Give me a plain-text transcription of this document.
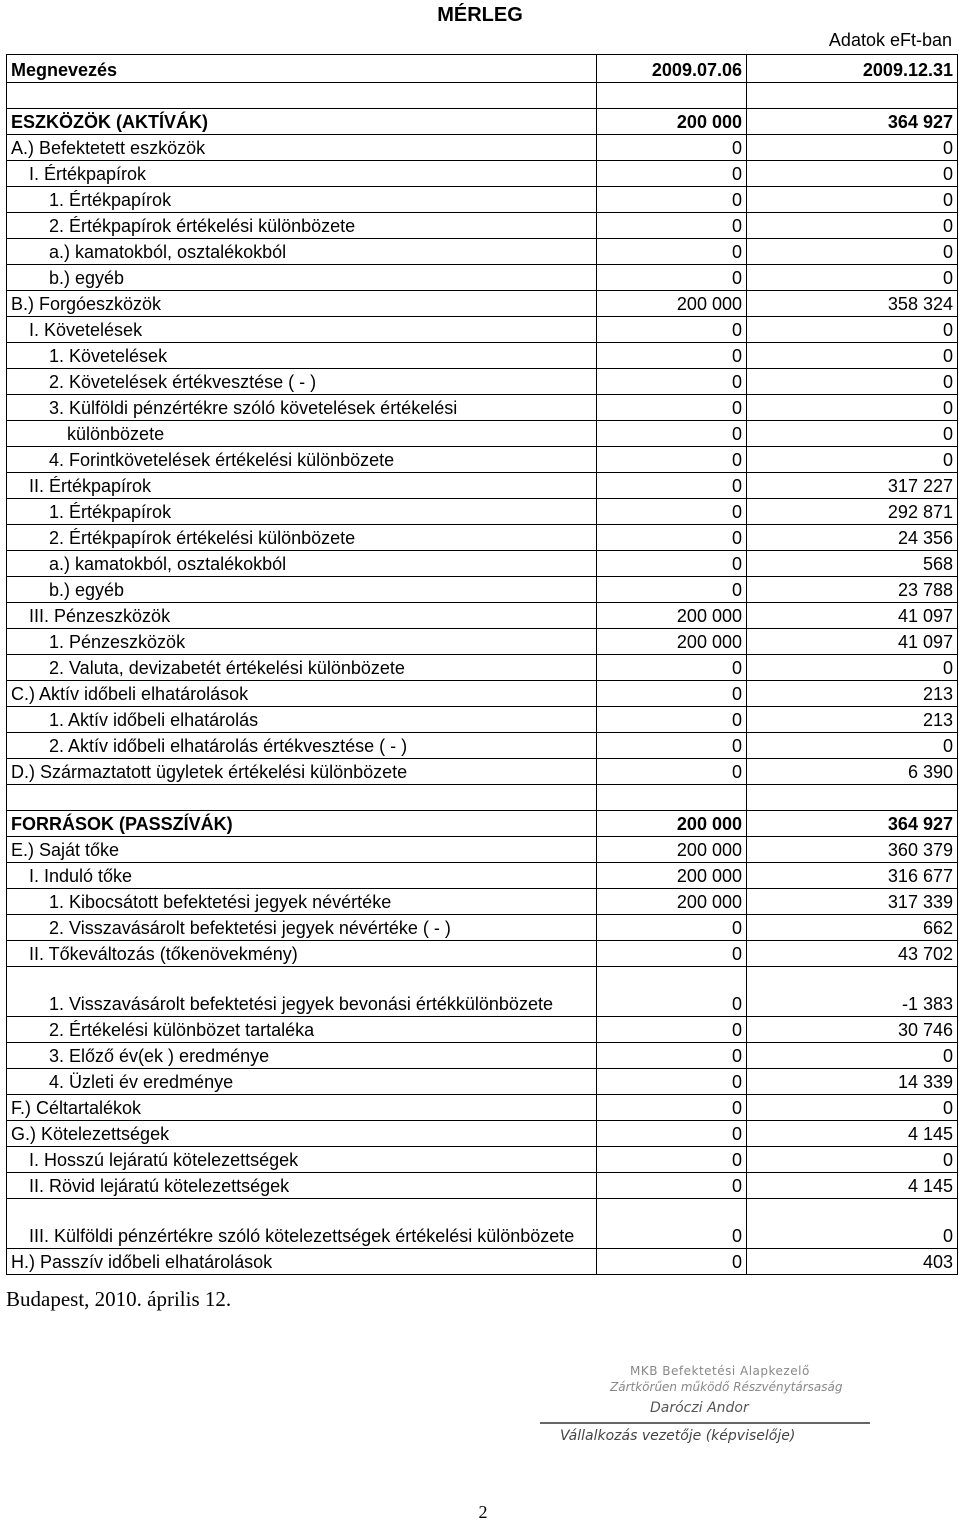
MÉRLEG
Adatok eFt-ban
Megnevezés	2009.07.06	2009.12.31

ESZKÖZÖK (AKTÍVÁK)	200 000	364 927
A.) Befektetett eszközök	0	0
I. Értékpapírok	0	0
1. Értékpapírok	0	0
2. Értékpapírok értékelési különbözete	0	0
a.) kamatokból, osztalékokból	0	0
b.) egyéb	0	0
B.) Forgóeszközök	200 000	358 324
I. Követelések	0	0
1. Követelések	0	0
2. Követelések értékvesztése ( - )	0	0
3. Külföldi pénzértékre szóló követelések értékelési	0	0
különbözete	0	0
4. Forintkövetelések értékelési különbözete	0	0
II. Értékpapírok	0	317 227
1. Értékpapírok	0	292 871
2. Értékpapírok értékelési különbözete	0	24 356
a.) kamatokból, osztalékokból	0	568
b.) egyéb	0	23 788
III. Pénzeszközök	200 000	41 097
1. Pénzeszközök	200 000	41 097
2. Valuta, devizabetét értékelési különbözete	0	0
C.) Aktív időbeli elhatárolások	0	213
1. Aktív időbeli elhatárolás	0	213
2. Aktív időbeli elhatárolás értékvesztése ( - )	0	0
D.) Származtatott ügyletek értékelési különbözete	0	6 390

FORRÁSOK (PASSZÍVÁK)	200 000	364 927
E.) Saját tőke	200 000	360 379
I. Induló tőke	200 000	316 677
1. Kibocsátott befektetési jegyek névértéke	200 000	317 339
2. Visszavásárolt befektetési jegyek névértéke ( - )	0	662
II. Tőkeváltozás (tőkenövekmény)	0	43 702
1. Visszavásárolt befektetési jegyek bevonási értékkülönbözete	0	-1 383
2. Értékelési különbözet tartaléka	0	30 746
3. Előző év(ek ) eredménye	0	0
4. Üzleti év eredménye	0	14 339
F.) Céltartalékok	0	0
G.) Kötelezettségek	0	4 145
I. Hosszú lejáratú kötelezettségek	0	0
II. Rövid lejáratú kötelezettségek	0	4 145
III. Külföldi pénzértékre szóló kötelezettségek értékelési különbözete	0	0
H.) Passzív időbeli elhatárolások	0	403
Budapest, 2010. április 12.
MKB Befektetési Alapkezelő
Zártkörűen működő Részvénytársaság
Daróczi Andor
Vállalkozás vezetője (képviselője)
2
